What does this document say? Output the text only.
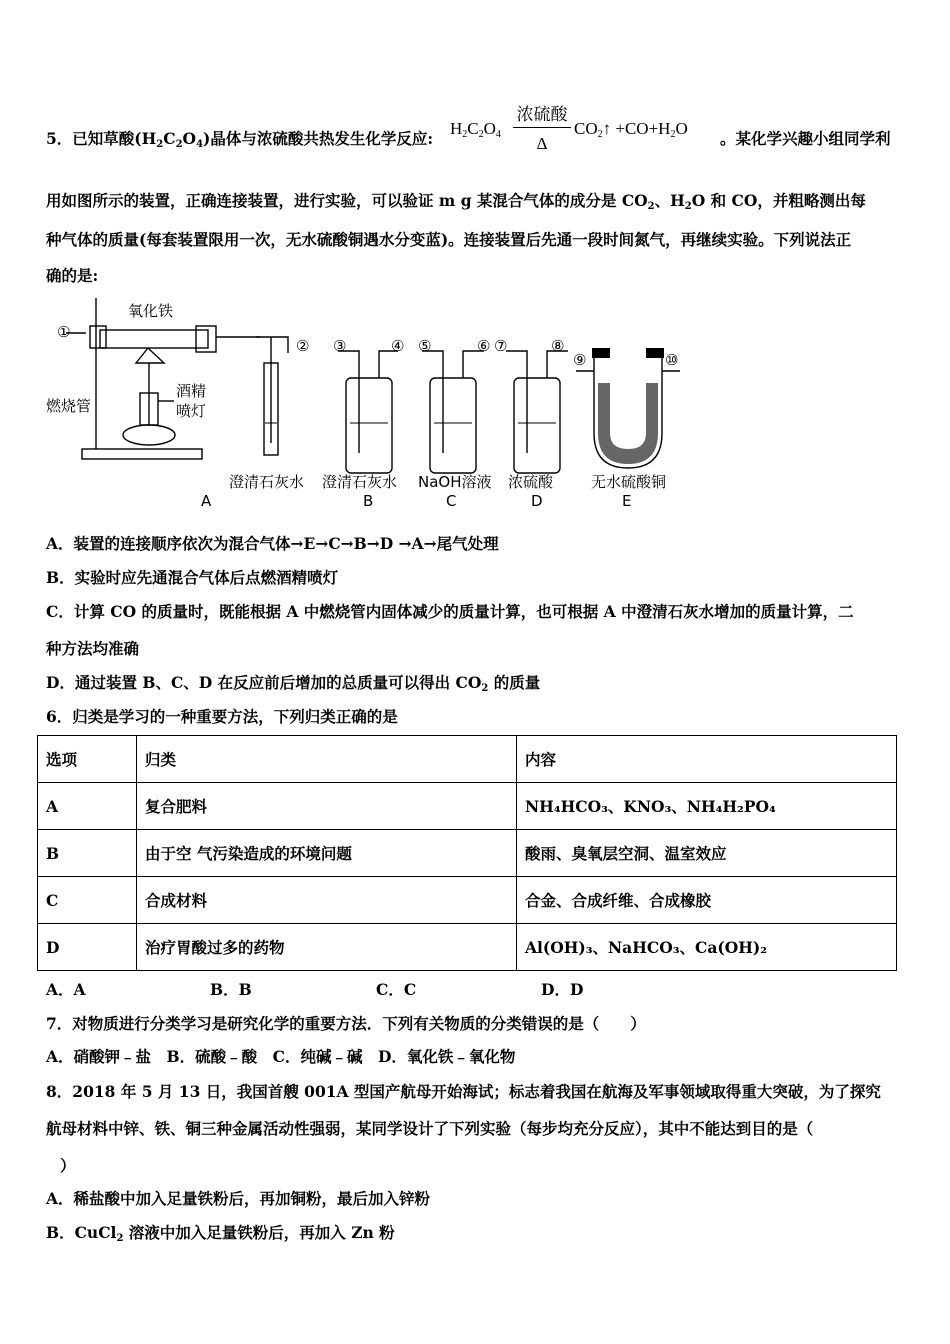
5．已知草酸$(H_2C_2O_4)$晶体与浓硫酸共热发生化学反应:
$H_2C_2O_4$
浓硫酸
Δ
$CO_2↑ +CO+H_2O$
。某化学兴趣小组同学利
用如图所示的装置，正确连接装置，进行实验，可以验证 m g 某混合气体的成分是 $CO_2$、$H_2O$ 和 CO，并粗略测出每
种气体的质量(每套装置限用一次，无水硫酸铜遇水分变蓝)。连接装置后先通一段时间氮气，再继续实验。下列说法正
确的是:
①
氧化铁
燃烧管
酒精
喷灯
② ③	④ ⑤	⑥ ⑦	⑧
⑨	⑩
澄清石灰水 澄清石灰水 NaOH溶液 浓硫酸	无水硫酸铜
A	B	C	D	E
A．装置的连接顺序依次为混合气体→E→C→B→D →A→尾气处理
B．实验时应先通混合气体后点燃酒精喷灯
C．计算 CO 的质量时，既能根据 A 中燃烧管内固体减少的质量计算，也可根据 A 中澄清石灰水增加的质量计算，二
种方法均准确
D．通过装置 B、C、D 在反应前后增加的总质量可以得出 $CO_2$ 的质量
6．归类是学习的一种重要方法，下列归类正确的是
选项	归类	内容
A	复合肥料	NH₄HCO₃、KNO₃、NH₄H₂PO₄
B	由于空 气污染造成的环境问题	酸雨、臭氧层空洞、温室效应
C	合成材料	合金、合成纤维、合成橡胶
D	治疗胃酸过多的药物	Al(OH)₃、NaHCO₃、Ca(OH)₂
A．A	B．B	C．C	D．D
7．对物质进行分类学习是研究化学的重要方法．下列有关物质的分类错误的是（　　）
A．硝酸钾﹣盐　B．硫酸﹣酸　C．纯碱﹣碱　D．氧化铁﹣氧化物
8．2018 年 5 月 13 日，我国首艘 001A 型国产航母开始海试；标志着我国在航海及军事领域取得重大突破，为了探究
航母材料中锌、铁、铜三种金属活动性强弱，某同学设计了下列实验（每步均充分反应），其中不能达到目的是（
）
A．稀盐酸中加入足量铁粉后，再加铜粉，最后加入锌粉
B．CuCl$_2$ 溶液中加入足量铁粉后，再加入 Zn 粉
